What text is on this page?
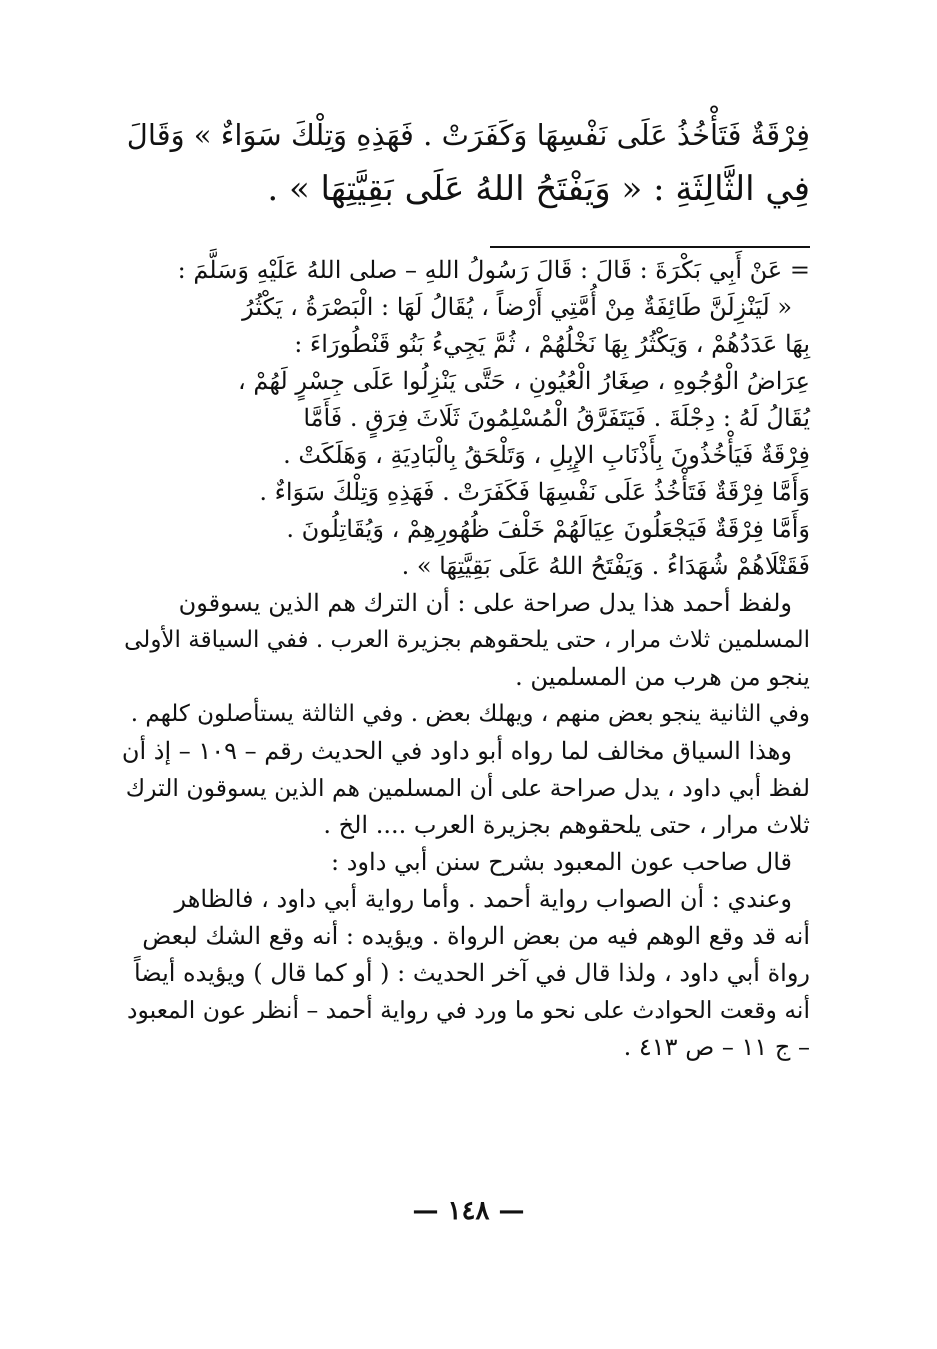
فِرْقَةٌ فَتَأْخُذُ عَلَى نَفْسِهَا وَكَفَرَتْ . فَهَذِهِ وَتِلْكَ سَوَاءٌ » وَقَالَ
فِي الثَّالِثَةِ : « وَيَفْتَحُ اللهُ عَلَى بَقِيَّتِهَا » .
= عَنْ أَبِي بَكْرَةَ : قَالَ : قَالَ رَسُولُ اللهِ – صلى اللهُ عَلَيْهِ وَسَلَّمَ :
« لَيَنْزِلَنَّ طَائِفَةٌ مِنْ أُمَّتِي أَرْضاً ، يُقَالُ لَهَا : الْبَصْرَةُ ، يَكْثُرُ
بِهَا عَدَدُهُمْ ، وَيَكْثُرُ بِهَا نَخْلُهُمْ ، ثُمَّ يَجِيءُ بَنُو قَنْطُورَاءَ :
عِرَاضُ الْوُجُوهِ ، صِغَارُ الْعُيُونِ ، حَتَّى يَنْزِلُوا عَلَى جِسْرٍ لَهُمْ ،
يُقَالُ لَهُ : دِجْلَةَ . فَيَتَفَرَّقُ الْمُسْلِمُونَ ثَلَاثَ فِرَقٍ . فَأَمَّا
فِرْقَةٌ فَيَأْخُذُونَ بِأَذْنَابِ الإِبِلِ ، وَتَلْحَقُ بِالْبَادِيَةِ ، وَهَلَكَتْ .
وَأَمَّا فِرْقَةٌ فَتَأْخُذُ عَلَى نَفْسِهَا فَكَفَرَتْ . فَهَذِهِ وَتِلْكَ سَوَاءٌ .
وَأَمَّا فِرْقَةٌ فَيَجْعَلُونَ عِيَالَهُمْ خَلْفَ ظُهُورِهِمْ ، وَيُقَاتِلُونَ .
فَقَتْلَاهُمْ شُهَدَاءُ . وَيَفْتَحُ اللهُ عَلَى بَقِيَّتِهَا » .
ولفظ أحمد هذا يدل صراحة على : أن الترك هم الذين يسوقون
المسلمين ثلاث مرار ، حتى يلحقوهم بجزيرة العرب . ففي السياقة الأولى
ينجو من هرب من المسلمين .
وفي الثانية ينجو بعض منهم ، ويهلك بعض . وفي الثالثة يستأصلون كلهم .
وهذا السياق مخالف لما رواه أبو داود في الحديث رقم – ١٠٩ – إذ أن
لفظ أبي داود ، يدل صراحة على أن المسلمين هم الذين يسوقون الترك
ثلاث مرار ، حتى يلحقوهم بجزيرة العرب .... الخ .
قال صاحب عون المعبود بشرح سنن أبي داود :
وعندي : أن الصواب رواية أحمد . وأما رواية أبي داود ، فالظاهر
أنه قد وقع الوهم فيه من بعض الرواة . ويؤيده : أنه وقع الشك لبعض
رواة أبي داود ، ولذا قال في آخر الحديث : ( أو كما قال ) ويؤيده أيضاً
أنه وقعت الحوادث على نحو ما ورد في رواية أحمد – أنظر عون المعبود
– ج ١١ – ص ٤١٣ .
— ١٤٨ —
